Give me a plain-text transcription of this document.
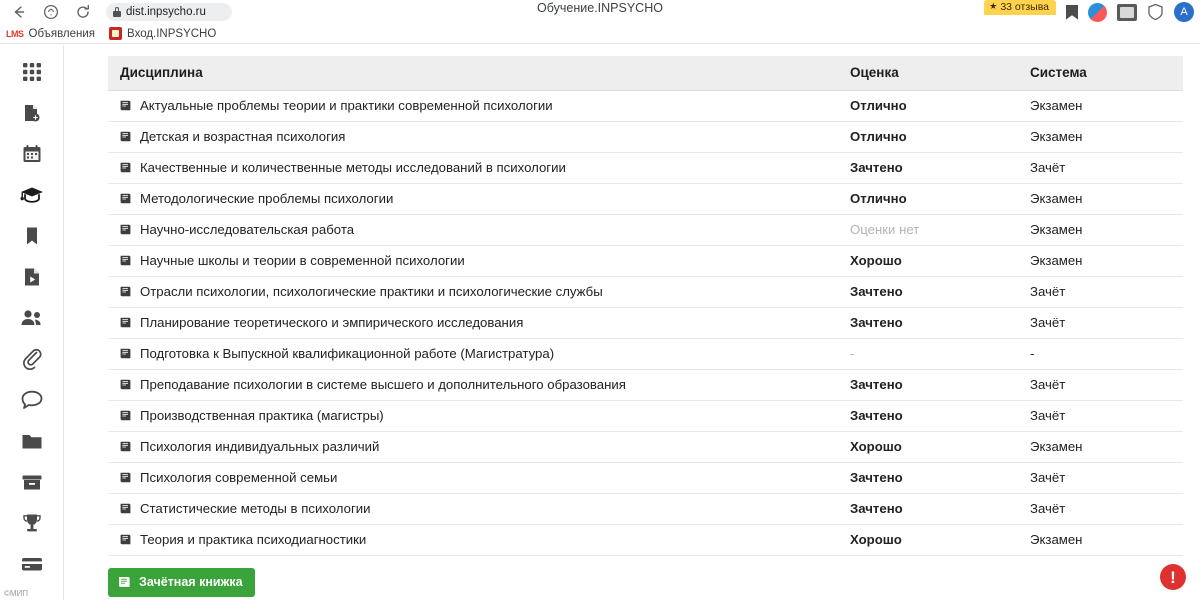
dist.inpsycho.ru	Обучение.INPSYCHO	★ 33 отзыва	A
LMS Объявления	Вход.INPSYCHO
©МИП
Дисциплина	Оценка	Система

Актуальные проблемы теории и практики современной психологии	Отлично	Экзамен

Детская и возрастная психология	Отлично	Экзамен

Качественные и количественные методы исследований в психологии	Зачтено	Зачёт

Методологические проблемы психологии	Отлично	Экзамен

Научно-исследовательская работа	Оценки нет	Экзамен

Научные школы и теории в современной психологии	Хорошо	Экзамен

Отрасли психологии, психологические практики и психологические службы	Зачтено	Зачёт

Планирование теоретического и эмпирического исследования	Зачтено	Зачёт

Подготовка к Выпускной квалификационной работе (Магистратура)	-	-

Преподавание психологии в системе высшего и дополнительного образования	Зачтено	Зачёт

Производственная практика (магистры)	Зачтено	Зачёт

Психология индивидуальных различий	Хорошо	Экзамен

Психология современной семьи	Зачтено	Зачёт

Статистические методы в психологии	Зачтено	Зачёт

Теория и практика психодиагностики	Хорошо	Экзамен
Зачётная книжка	!
